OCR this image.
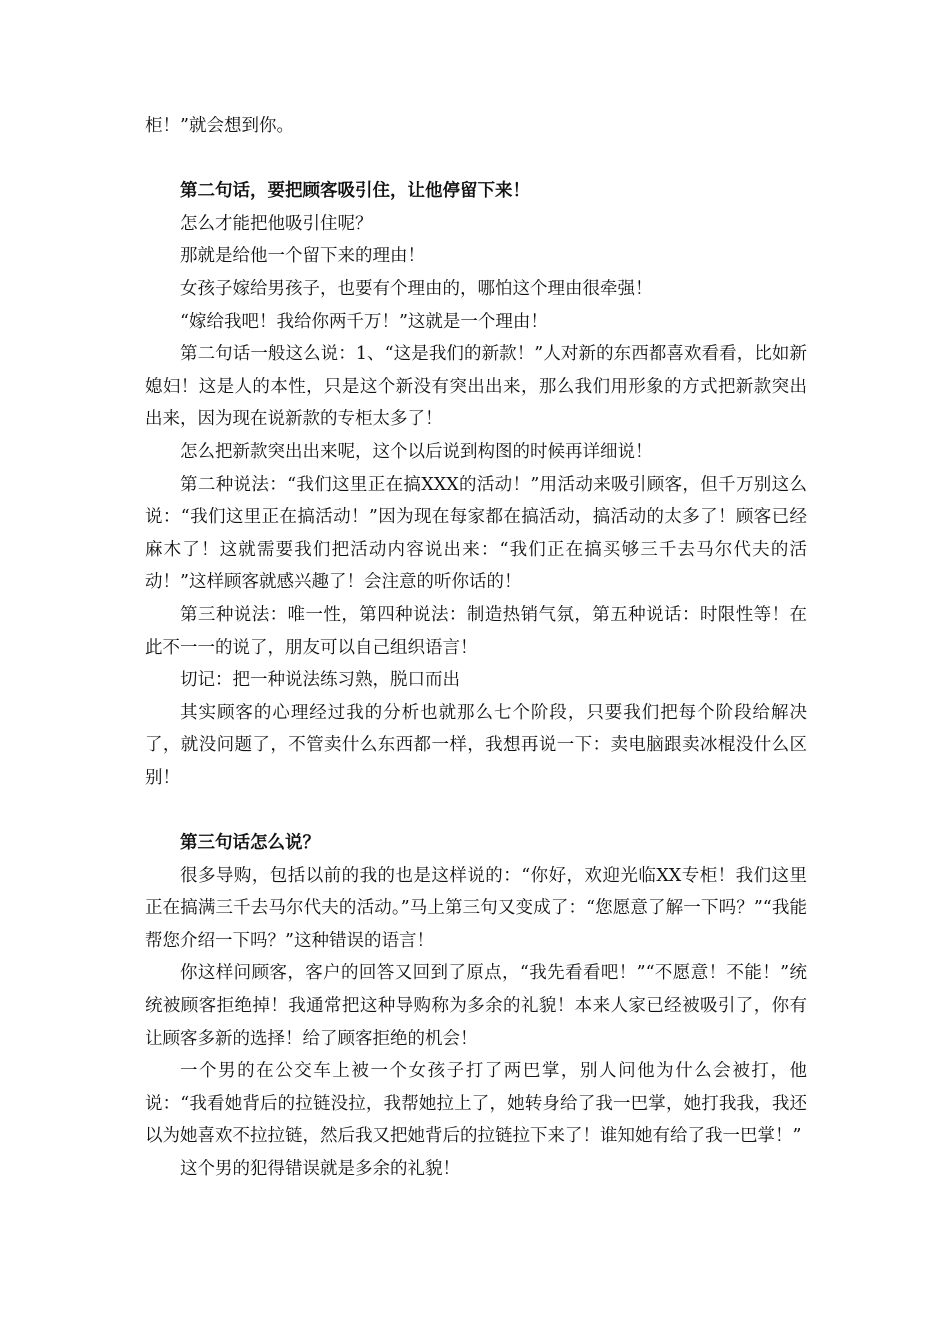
柜！”就会想到你。

第二句话，要把顾客吸引住，让他停留下来！

怎么才能把他吸引住呢？

那就是给他一个留下来的理由！

女孩子嫁给男孩子，也要有个理由的，哪怕这个理由很牵强！

“嫁给我吧！我给你两千万！”这就是一个理由！

第二句话一般这么说：1、“这是我们的新款！”人对新的东西都喜欢看看，比如新媳妇！这是人的本性，只是这个新没有突出出来，那么我们用形象的方式把新款突出出来，因为现在说新款的专柜太多了！

怎么把新款突出出来呢，这个以后说到构图的时候再详细说！

第二种说法：“我们这里正在搞XXX的活动！”用活动来吸引顾客，但千万别这么说：“我们这里正在搞活动！”因为现在每家都在搞活动，搞活动的太多了！顾客已经麻木了！这就需要我们把活动内容说出来：“我们正在搞买够三千去马尔代夫的活动！”这样顾客就感兴趣了！会注意的听你话的！

第三种说法：唯一性，第四种说法：制造热销气氛，第五种说话：时限性等！在此不一一的说了，朋友可以自己组织语言！

切记：把一种说法练习熟，脱口而出

其实顾客的心理经过我的分析也就那么七个阶段，只要我们把每个阶段给解决了，就没问题了，不管卖什么东西都一样，我想再说一下：卖电脑跟卖冰棍没什么区别！

第三句话怎么说？

很多导购，包括以前的我的也是这样说的：“你好，欢迎光临XX专柜！我们这里正在搞满三千去马尔代夫的活动。”马上第三句又变成了：“您愿意了解一下吗？”“我能帮您介绍一下吗？”这种错误的语言！

你这样问顾客，客户的回答又回到了原点，“我先看看吧！”“不愿意！不能！”统统被顾客拒绝掉！我通常把这种导购称为多余的礼貌！本来人家已经被吸引了，你有让顾客多新的选择！给了顾客拒绝的机会！

一个男的在公交车上被一个女孩子打了两巴掌，别人问他为什么会被打，他说：“我看她背后的拉链没拉，我帮她拉上了，她转身给了我一巴掌，她打我我，我还以为她喜欢不拉拉链，然后我又把她背后的拉链拉下来了！谁知她有给了我一巴掌！”

这个男的犯得错误就是多余的礼貌！
